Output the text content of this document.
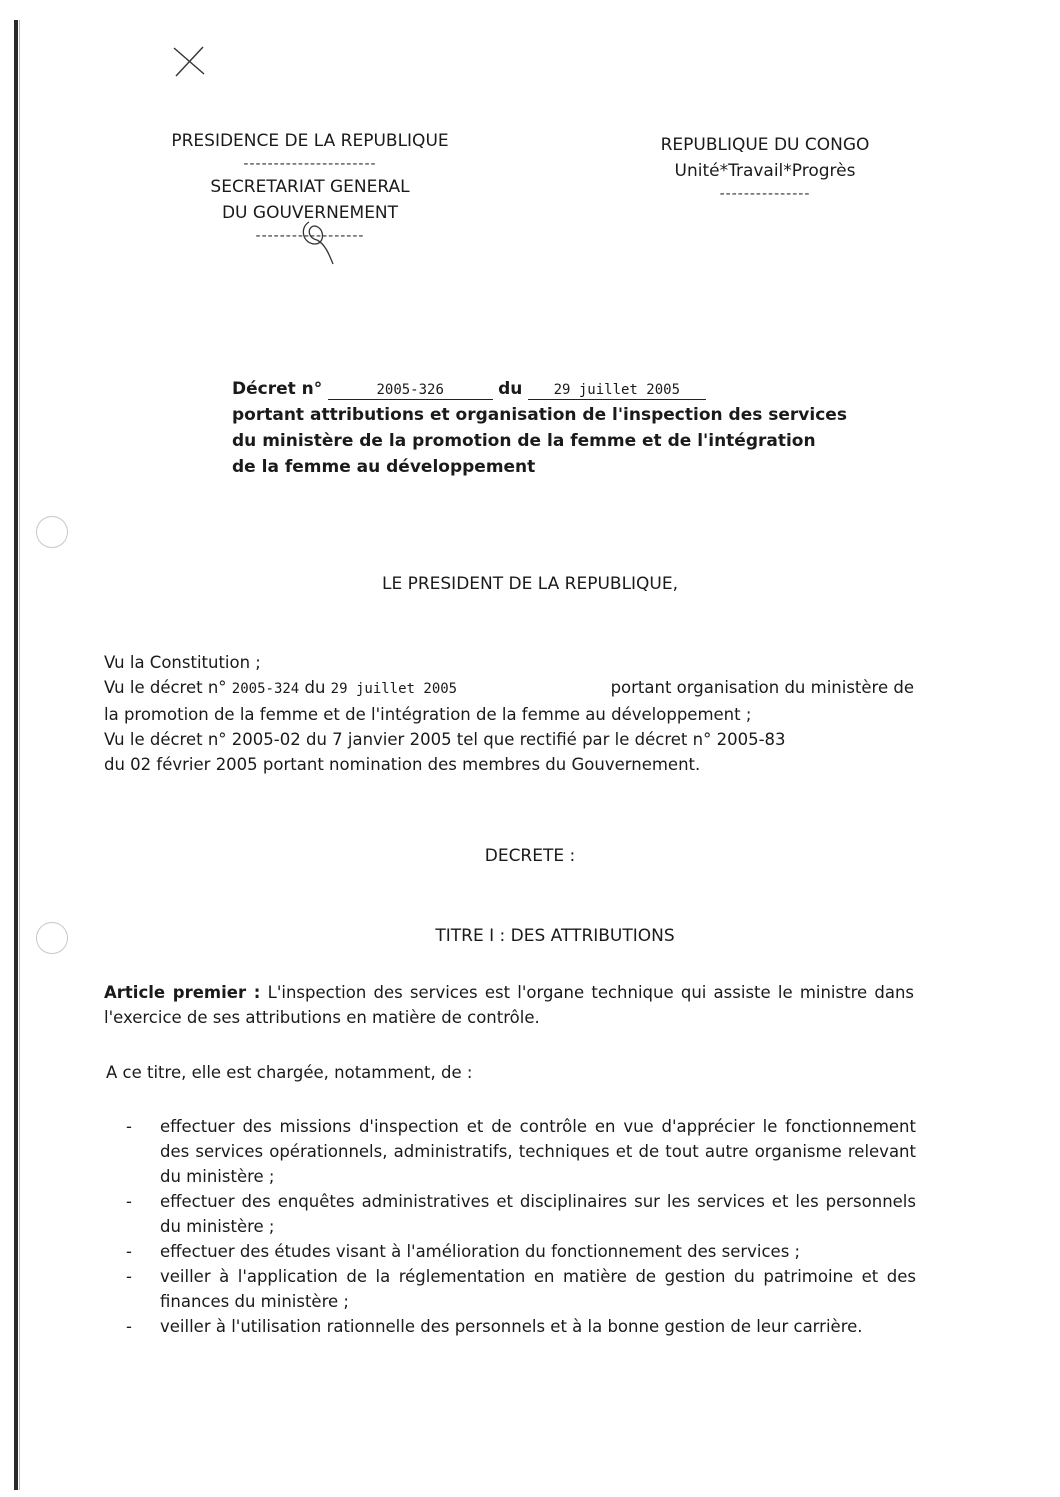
PRESIDENCE DE LA REPUBLIQUE
----------------------
SECRETARIAT GENERAL
DU GOUVERNEMENT
------------------
REPUBLIQUE DU CONGO
Unité*Travail*Progrès
---------------
Décret n°	2005-326	du 29 juillet 2005
portant attributions et organisation de l'inspection des services
du ministère de la promotion de la femme et de l'intégration
de la femme au développement
LE PRESIDENT DE LA REPUBLIQUE,
Vu la Constitution ;
Vu le décret n° 2005-324 du 29 juillet 2005	portant organisation du ministère de
la promotion de la femme et de l'intégration de la femme au développement ;
Vu le décret n° 2005-02 du 7 janvier 2005 tel que rectifié par le décret n° 2005-83
du 02 février 2005 portant nomination des membres du Gouvernement.
DECRETE :
TITRE I : DES ATTRIBUTIONS
Article premier : L'inspection des services est l'organe technique qui assiste le ministre dans l'exercice de ses attributions en matière de contrôle.
A ce titre, elle est chargée, notamment, de :
-	effectuer des missions d'inspection et de contrôle en vue d'apprécier le fonctionnement des services opérationnels, administratifs, techniques et de tout autre organisme relevant du ministère ;
-	effectuer des enquêtes administratives et disciplinaires sur les services et les personnels du ministère ;
-	effectuer des études visant à l'amélioration du fonctionnement des services ;
-	veiller à l'application de la réglementation en matière de gestion du patrimoine et des finances du ministère ;
-	veiller à l'utilisation rationnelle des personnels et à la bonne gestion de leur carrière.
